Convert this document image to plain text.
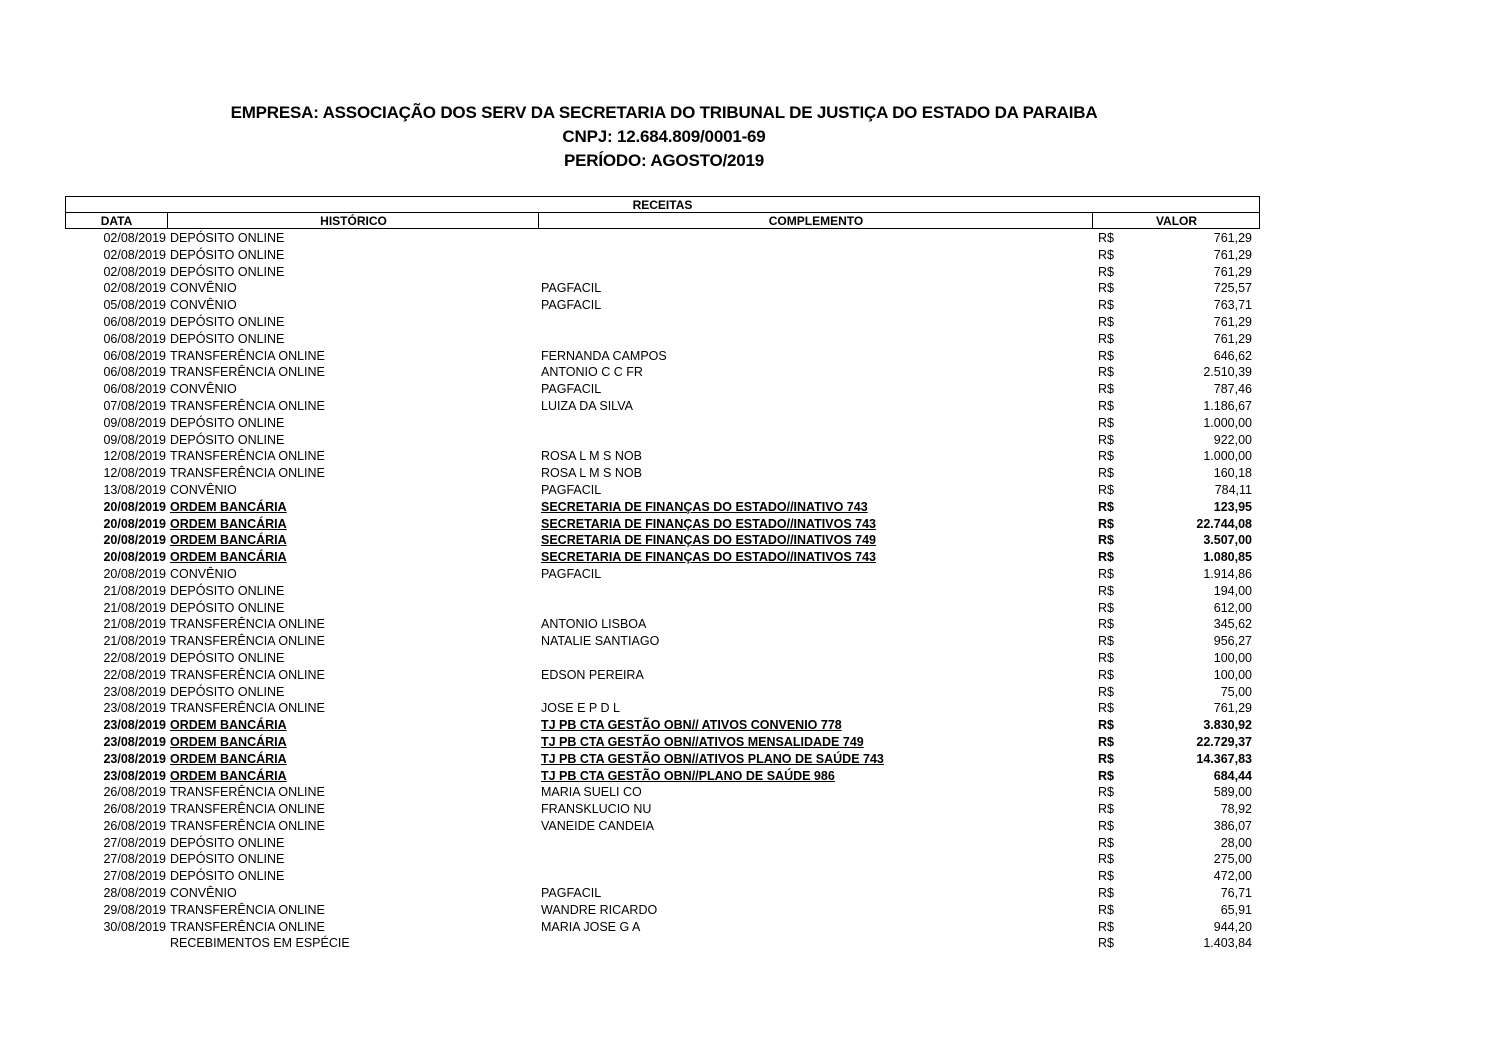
EMPRESA: ASSOCIAÇÃO DOS SERV DA SECRETARIA DO TRIBUNAL DE JUSTIÇA DO ESTADO DA PARAIBA
CNPJ: 12.684.809/0001-69
PERÍODO: AGOSTO/2019
RECEITAS
DATA	HISTÓRICO	COMPLEMENTO	VALOR
02/08/2019 DEPÓSITO ONLINE	R$	761,29
02/08/2019 DEPÓSITO ONLINE	R$	761,29
02/08/2019 DEPÓSITO ONLINE	R$	761,29
02/08/2019 CONVÊNIO	PAGFACIL	R$	725,57
05/08/2019 CONVÊNIO	PAGFACIL	R$	763,71
06/08/2019 DEPÓSITO ONLINE	R$	761,29
06/08/2019 DEPÓSITO ONLINE	R$	761,29
06/08/2019 TRANSFERÊNCIA ONLINE	FERNANDA CAMPOS	R$	646,62
06/08/2019 TRANSFERÊNCIA ONLINE	ANTONIO C C FR	R$	2.510,39
06/08/2019 CONVÊNIO	PAGFACIL	R$	787,46
07/08/2019 TRANSFERÊNCIA ONLINE	LUIZA DA SILVA	R$	1.186,67
09/08/2019 DEPÓSITO ONLINE	R$	1.000,00
09/08/2019 DEPÓSITO ONLINE	R$	922,00
12/08/2019 TRANSFERÊNCIA ONLINE	ROSA L M S NOB	R$	1.000,00
12/08/2019 TRANSFERÊNCIA ONLINE	ROSA L M S NOB	R$	160,18
13/08/2019 CONVÊNIO	PAGFACIL	R$	784,11
20/08/2019 ORDEM BANCÁRIA	SECRETARIA DE FINANÇAS DO ESTADO//INATIVO 743	R$	123,95
20/08/2019 ORDEM BANCÁRIA	SECRETARIA DE FINANÇAS DO ESTADO//INATIVOS 743	R$	22.744,08
20/08/2019 ORDEM BANCÁRIA	SECRETARIA DE FINANÇAS DO ESTADO//INATIVOS 749	R$	3.507,00
20/08/2019 ORDEM BANCÁRIA	SECRETARIA DE FINANÇAS DO ESTADO//INATIVOS 743	R$	1.080,85
20/08/2019 CONVÊNIO	PAGFACIL	R$	1.914,86
21/08/2019 DEPÓSITO ONLINE	R$	194,00
21/08/2019 DEPÓSITO ONLINE	R$	612,00
21/08/2019 TRANSFERÊNCIA ONLINE	ANTONIO LISBOA	R$	345,62
21/08/2019 TRANSFERÊNCIA ONLINE	NATALIE SANTIAGO	R$	956,27
22/08/2019 DEPÓSITO ONLINE	R$	100,00
22/08/2019 TRANSFERÊNCIA ONLINE	EDSON PEREIRA	R$	100,00
23/08/2019 DEPÓSITO ONLINE	R$	75,00
23/08/2019 TRANSFERÊNCIA ONLINE	JOSE E P D L	R$	761,29
23/08/2019 ORDEM BANCÁRIA	TJ PB CTA GESTÃO OBN// ATIVOS CONVENIO 778	R$	3.830,92
23/08/2019 ORDEM BANCÁRIA	TJ PB CTA GESTÃO OBN//ATIVOS MENSALIDADE 749	R$	22.729,37
23/08/2019 ORDEM BANCÁRIA	TJ PB CTA GESTÃO OBN//ATIVOS PLANO DE SAÚDE 743	R$	14.367,83
23/08/2019 ORDEM BANCÁRIA	TJ PB CTA GESTÃO OBN//PLANO DE SAÚDE 986	R$	684,44
26/08/2019 TRANSFERÊNCIA ONLINE	MARIA SUELI CO	R$	589,00
26/08/2019 TRANSFERÊNCIA ONLINE	FRANSKLUCIO NU	R$	78,92
26/08/2019 TRANSFERÊNCIA ONLINE	VANEIDE CANDEIA	R$	386,07
27/08/2019 DEPÓSITO ONLINE	R$	28,00
27/08/2019 DEPÓSITO ONLINE	R$	275,00
27/08/2019 DEPÓSITO ONLINE	R$	472,00
28/08/2019 CONVÊNIO	PAGFACIL	R$	76,71
29/08/2019 TRANSFERÊNCIA ONLINE	WANDRE RICARDO	R$	65,91
30/08/2019 TRANSFERÊNCIA ONLINE	MARIA JOSE G A	R$	944,20
RECEBIMENTOS EM ESPÉCIE	R$	1.403,84
